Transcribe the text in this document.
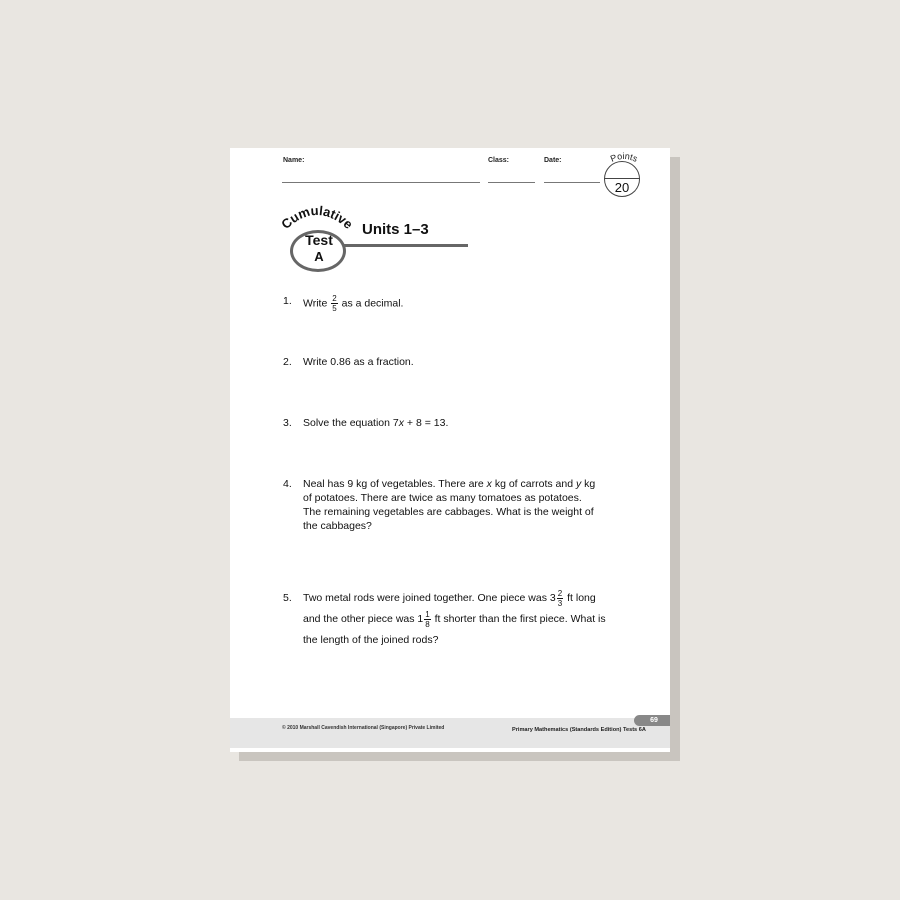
Name:	Class:	Date:	Points
20
Cumulative
Test
A
Units 1–3
1. Write $\frac{2}{5}$ as a decimal.
2. Write 0.86 as a fraction.
3. Solve the equation 7x + 8 = 13.
4. Neal has 9 kg of vegetables. There are x kg of carrots and y kg
of potatoes. There are twice as many tomatoes as potatoes.
The remaining vegetables are cabbages. What is the weight of
the cabbages?
5. Two metal rods were joined together. One piece was $3 \frac{2}{3}$ ft long
and the other piece was $1 \frac{1}{8}$ ft shorter than the first piece. What is
the length of the joined rods?
© 2010 Marshall Cavendish International (Singapore) Private Limited	Primary Mathematics (Standards Edition) Tests 6A
69
